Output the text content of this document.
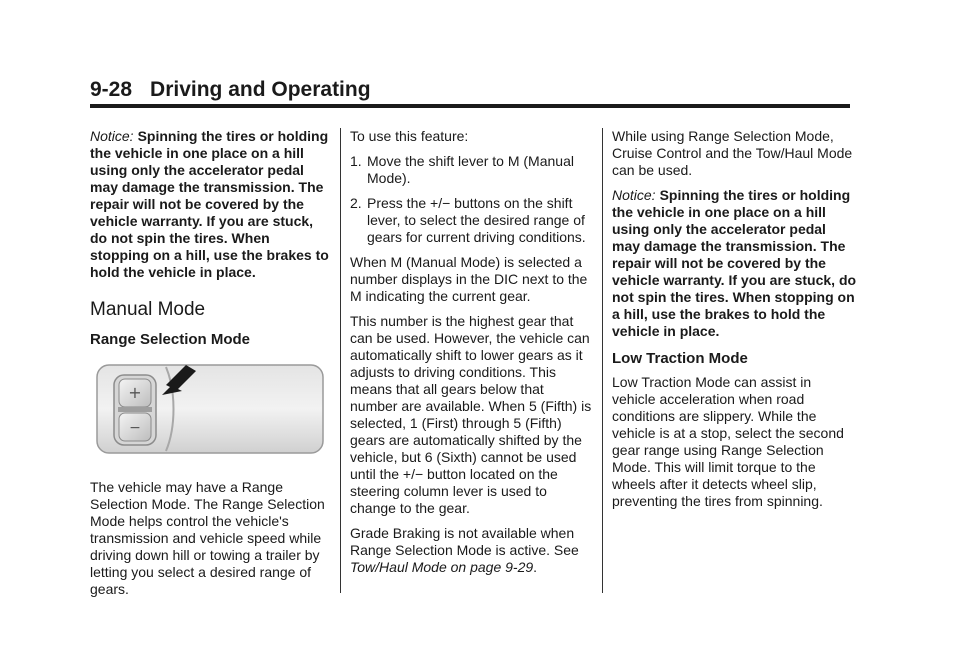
9-28 Driving and Operating

Notice: Spinning the tires or holding the vehicle in one place on a hill using only the accelerator pedal may damage the transmission. The repair will not be covered by the vehicle warranty. If you are stuck, do not spin the tires. When stopping on a hill, use the brakes to hold the vehicle in place.

Manual Mode
Range Selection Mode
+
−

The vehicle may have a Range Selection Mode. The Range Selection Mode helps control the vehicle's transmission and vehicle speed while driving down hill or towing a trailer by letting you select a desired range of gears.

To use this feature:

1. Move the shift lever to M (Manual Mode).
2. Press the +/− buttons on the shift lever, to select the desired range of gears for current driving conditions.

When M (Manual Mode) is selected a number displays in the DIC next to the M indicating the current gear.

This number is the highest gear that can be used. However, the vehicle can automatically shift to lower gears as it adjusts to driving conditions. This means that all gears below that number are available. When 5 (Fifth) is selected, 1 (First) through 5 (Fifth) gears are automatically shifted by the vehicle, but 6 (Sixth) cannot be used until the +/− button located on the steering column lever is used to change to the gear.

Grade Braking is not available when Range Selection Mode is active. See Tow/Haul Mode on page 9-29.

While using Range Selection Mode, Cruise Control and the Tow/Haul Mode can be used.

Notice: Spinning the tires or holding the vehicle in one place on a hill using only the accelerator pedal may damage the transmission. The repair will not be covered by the vehicle warranty. If you are stuck, do not spin the tires. When stopping on a hill, use the brakes to hold the vehicle in place.

Low Traction Mode

Low Traction Mode can assist in vehicle acceleration when road conditions are slippery. While the vehicle is at a stop, select the second gear range using Range Selection Mode. This will limit torque to the wheels after it detects wheel slip, preventing the tires from spinning.
